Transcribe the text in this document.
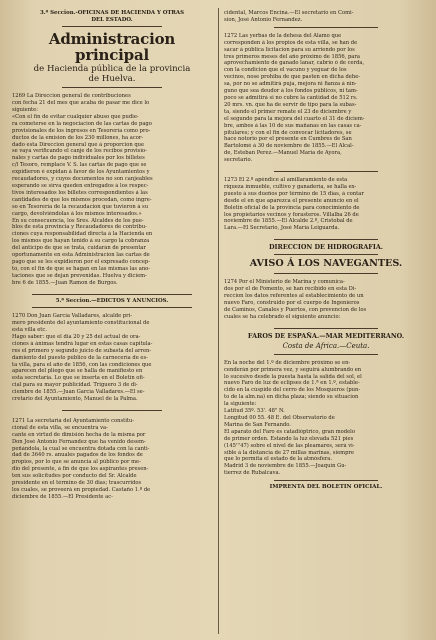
3.ª Seccion.-OFICINAS DE HACIENDA Y OTRAS

DEL ESTADO.

Administracion principal

de Hacienda pública de la provincia

de Huelva.

1269 La Direccion general de contribuciones
con fecha 21 del mes que acaba de pasar me dice lo
siguiente:
«Con el fin de evitar cualquier abuso que pudie-
ra cometerse en la negociacion de las cartas de pago
provisionales de los ingresos en Tesorería como pro-
ductos de la emision de los 230 millones, ha acor-
dado esta Direccion general que á proporcion que
se vaya verificando el canje de los recibos provisio-
nales y cartas de pago individuales por los billetes
c/l Tesoro, remplace V. S. las cartas de pago que se
expidieron é expidan á favor de los Ayuntamientos y
recaudadores, y cuyos documentos no son canjeables
esperando se sirva queden entregados á los respec-
tivos interesados los billetes correspondientes á las
cantidades de que los mismos procedan, como ingre-
so en Tesorería de la recaudacion que tuvieron á su
cargo, devolviéndolas á los mismos interesados.»
En su consecuencia, los Sres. Alcaldes de los pue-
blos de esta provincia y Recaudadores de contribu-
ciones cuya responsabilidad directa á la Hacienda en
los mismos que hayan tenido á su cargo la cobranza
del anticipo de que se trata, cuidarán de presentar
oportunamente en esta Administracion las cartas de
pago que se les expidieron por el expresado concep-
to, con el fin de que se hagan en las mismas las ano-
taciones que se dejan prevenidas. Huelva y diciem-
bre 6 de 1855.—Juan Ramon de Burgos.

5.ª Seccion.—EDICTOS Y ANUNCIOS.

1270 Don Juan García Valladares, alcalde pri-
mero presidente del ayuntamiento constitucional de
esta villa etc.
Hago saber: que el dia 20 y 25 del actual de ora-
ciones á ánimas tendrá lugar en estas casas capitula-
res el primero y segundo juicio de subasta del arren-
damiento del puesto público de la carnecería de es-
ta villa, para el año de 1856, con las condiciones que
aparecen del pliego que se halla de manifiesto en
esta secretaria. Lo que se inserta en el Boletin ofi-
cial para su mayor publicidad. Triguero 3 de di-
ciembre de 1855.—Juan García Valladares.—El se-
cretario del Ayuntamiento, Manuel de la Palma.
1271 La secretaria del Ayuntamiento constitu-
cional de esta villa, se encuentra va-
cante en virtud de dimisión hecha de la misma por
Don José Antonio Fernandez que ha venido desem-
peñándola, la cual se encuentra dotada con la canti-
dad de 3640 rs. anuales pagados de los fondos de
propios, por lo que se anuncia al público por me-
dio del presente, á fin de que los aspirantes presen-
ten sus solicitudes por conducto del Sr. Alcalde
presidente en el término de 30 dias; trascurridos
los cuales, se proveerá en propiedad. Castaño 1.º de
diciembre de 1855.—El Presidente ac-
cidental, Marcos Encina.—El secretario en Comi-
sion, José Antonio Fernandez.
1272 Las yerbas de la dehesa del Alamo que
corresponden á los propios de esta villa, se han de
sacar á pública licitacion para su arriendo por los
tres primeros meses del año próximo de 1856, para
aprovechamiento de ganado lanar, cabrío ó de cerda,
con la condicion que el vacuno y yeguar de los
vecinos, nose prohiba de que pasten en dicha dehe-
sa, por no se admitirá puja, mejora ni fianza á nin-
guno que sea deudor á los fondos públicos, ni tam-
poco se admitirá si no cubre la cantidad de 512 rs.
20 mrs. vn. que ha de servir de tipo para la subas-
ta, siendo el primer remate el 23 de diciembre y
el segundo para la mejora del cuarto el 31 de diciem-
bre, ambos á las 10 de sus mañanas en las casas ca-
pitulares; y con el fin de convocar licitadores, se
hace notorio por el presente en Cumbres de San
Bartolomé á 30 de noviembre de 1855.—El Alcal-
de, Esteban Perez.—Manuel María de Ayora,
secretario.
1273 El 2.º apéndice al amillaramiento de esta
riqueza inmueble, cultivo y ganadería, se halla ex-
puesto á sus dueños por término de 15 dias, á contar
desde el en que aparezca el presente anuncio en el
Boletin oficial de la provincia para conocimiento de
los propietarios vecinos y forasteros. Villalba 26 de
noviembre de 1855.—El Alcalde 2.º, Cristobal de
Lara.—El Secretario, José María Leiguarda.

DIRECCION DE HIDROGRAFIA.

AVISO Á LOS NAVEGANTES.

1274 Por el Ministerio de Marina y comunica-
dos por el de Fomento, se han recibido en esta Di-
reccion los datos referentes al establecimiento de un
nuevo Faro, construido por el cuerpo de Ingenieros
de Caminos, Canales y Puertos, con prevencion de los
cuales se ha celebrado el siguiente anuncio:

FAROS DE ESPAÑA.—MAR MEDITERRANO.

Costa de Africa.—Ceuta.

En la noche del 1.º de diciembre próximo se en-
cenderán por primera vez, y seguirá alumbrando en
lo sucesivo desde la puesta hasta la salida del sol, el
nuevo Faro de luz de eclipses de 1.ª en 1.º, estable-
cido en la cúspide del cerro de los Mosqueros (pun-
to de la alm.na) en dicha plaza; siendo su situacion
la siguiente:
Latitud 35º. 53'. 48" N.
Longitud 00 55. 48 E. del Observatorio de
Marina de San Fernando.
El aparato del Faro es catadióptrico, gran modelo
de primer orden. Estando la luz elevada 521 pies
(145'''47) sobre el nivel de las pleamares, será vi-
sible á la distancia de 27 millas marinas, siempre
que lo permita el estado de la atmósfera.
Madrid 3 de noviembre de 1855.—Joaquín Gu-
tierrez de Rubalcava.
IMPRENTA DEL BOLETIN OFICIAL.
